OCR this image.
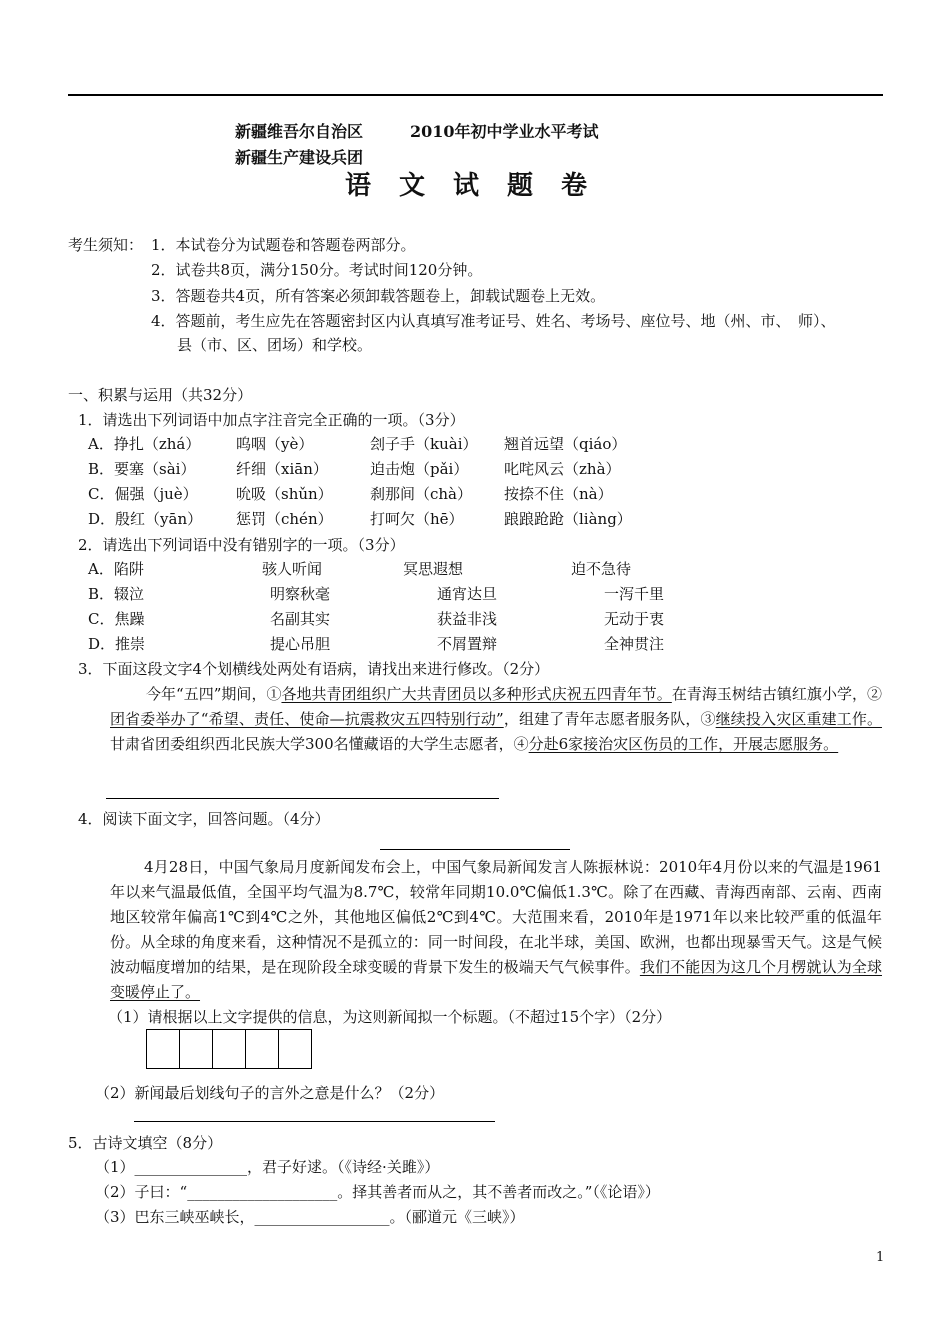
新疆维吾尔自治区	2010年初中学业水平考试
新疆生产建设兵团
语文试题卷
考生须知： 1．本试卷分为试题卷和答题卷两部分。
2．试卷共8页，满分150分。考试时间120分钟。
3．答题卷共4页，所有答案必须卸载答题卷上，卸载试题卷上无效。
4．答题前，考生应先在答题密封区内认真填写准考证号、姓名、考场号、座位号、地（州、市、　师）、
县（市、区、团场）和学校。
一、积累与运用（共32分）
1．请选出下列词语中加点字注音完全正确的一项。（3分）
A．挣扎（zhá） 呜咽（yè）	刽子手（kuài） 翘首远望（qiáo）
B．要塞（sài）	纤细（xiān）	迫击炮（pǎi） 叱咤风云（zhà）
C．倔强（juè）	吮吸（shǔn） 刹那间（chà） 按捺不住（nà）
D．殷红（yān） 惩罚（chén） 打呵欠（hē）	踉踉跄跄（liàng）
2．请选出下列词语中没有错别字的一项。（3分）
A．陷阱	骇人听闻	冥思遐想	迫不急待
B．辍泣	明察秋毫	通宵达旦	一泻千里
C．焦躁	名副其实	获益非浅	无动于衷
D．推崇	提心吊胆	不屑置辩	全神贯注
3．下面这段文字4个划横线处两处有语病，请找出来进行修改。（2分）
今年“五四”期间，①各地共青团组织广大共青团员以多种形式庆祝五四青年节。在青海玉树结古镇红旗小学，②团省委举办了“希望、责任、使命—抗震救灾五四特别行动”，组建了青年志愿者服务队，③继续投入灾区重建工作。甘肃省团委组织西北民族大学300名懂藏语的大学生志愿者，④分赴6家接治灾区伤员的工作，开展志愿服务。
4．阅读下面文字，回答问题。（4分）
4月28日，中国气象局月度新闻发布会上，中国气象局新闻发言人陈振林说：2010年4月份以来的气温是1961年以来气温最低值，全国平均气温为8.7℃，较常年同期10.0℃偏低1.3℃。除了在西藏、青海西南部、云南、西南地区较常年偏高1℃到4℃之外，其他地区偏低2℃到4℃。大范围来看，2010年是1971年以来比较严重的低温年份。从全球的角度来看，这种情况不是孤立的：同一时间段，在北半球，美国、欧洲，也都出现暴雪天气。这是气候波动幅度增加的结果，是在现阶段全球变暖的背景下发生的极端天气气候事件。我们不能因为这几个月楞就认为全球变暖停止了。
（1）请根据以上文字提供的信息，为这则新闻拟一个标题。（不超过15个字）（2分）
（2）新闻最后划线句子的言外之意是什么？（2分）
5．古诗文填空（8分）
（1）_______________，君子好逑。（《诗经·关雎》）
（2）子曰：“____________________。择其善者而从之，其不善者而改之。”（《论语》）
（3）巴东三峡巫峡长，__________________。（郦道元《三峡》）
1
